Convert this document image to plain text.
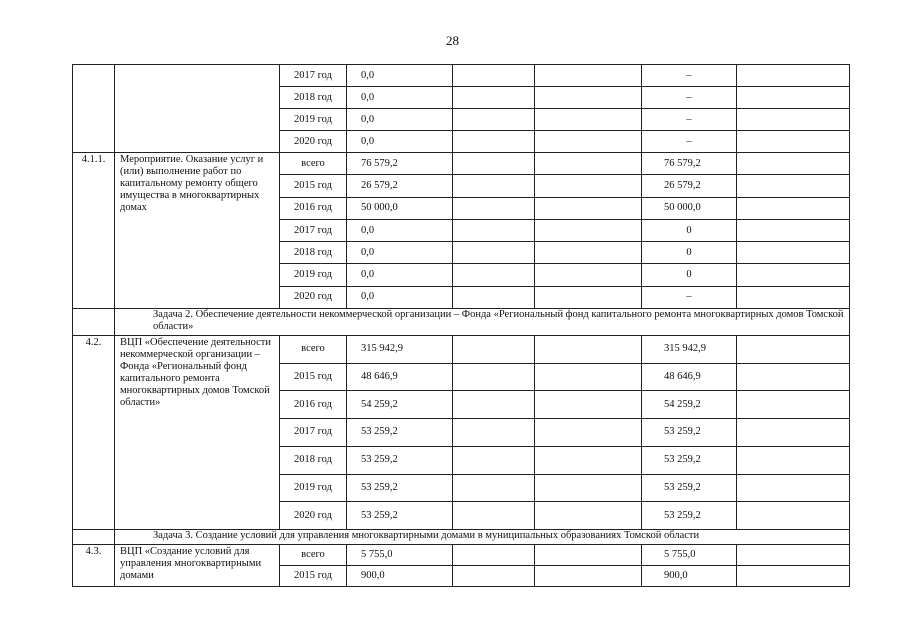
28
		2017 год	0,0			–	
		2018 год	0,0			–	
		2019 год	0,0			–	
		2020 год	0,0			–	
4.1.1.	Мероприятие. Оказание услуг и (или) выполнение работ по капитальному ремонту общего имущества в многоквартирных домах	всего	76 579,2			76 579,2	
		2015 год	26 579,2			26 579,2	
		2016 год	50 000,0			50 000,0	
		2017 год	0,0			0	
		2018 год	0,0			0	
		2019 год	0,0			0	
		2020 год	0,0			–	
	Задача 2. Обеспечение деятельности некоммерческой организации – Фонда «Региональный фонд капитального ремонта многоквартирных домов Томской области»						
4.2.	ВЦП «Обеспечение деятельности некоммерческой организации – Фонда «Региональный фонд капитального ремонта многоквартирных домов Томской области»	всего	315 942,9			315 942,9	
		2015 год	48 646,9			48 646,9	
		2016 год	54 259,2			54 259,2	
		2017 год	53 259,2			53 259,2	
		2018 год	53 259,2			53 259,2	
		2019 год	53 259,2			53 259,2	
		2020 год	53 259,2			53 259,2	
	Задача 3. Создание условий для управления многоквартирными домами в муниципальных образованиях Томской области						
4.3.	ВЦП «Создание условий для управления многоквартирными домами	всего	5 755,0			5 755,0	
		2015 год	900,0			900,0	
